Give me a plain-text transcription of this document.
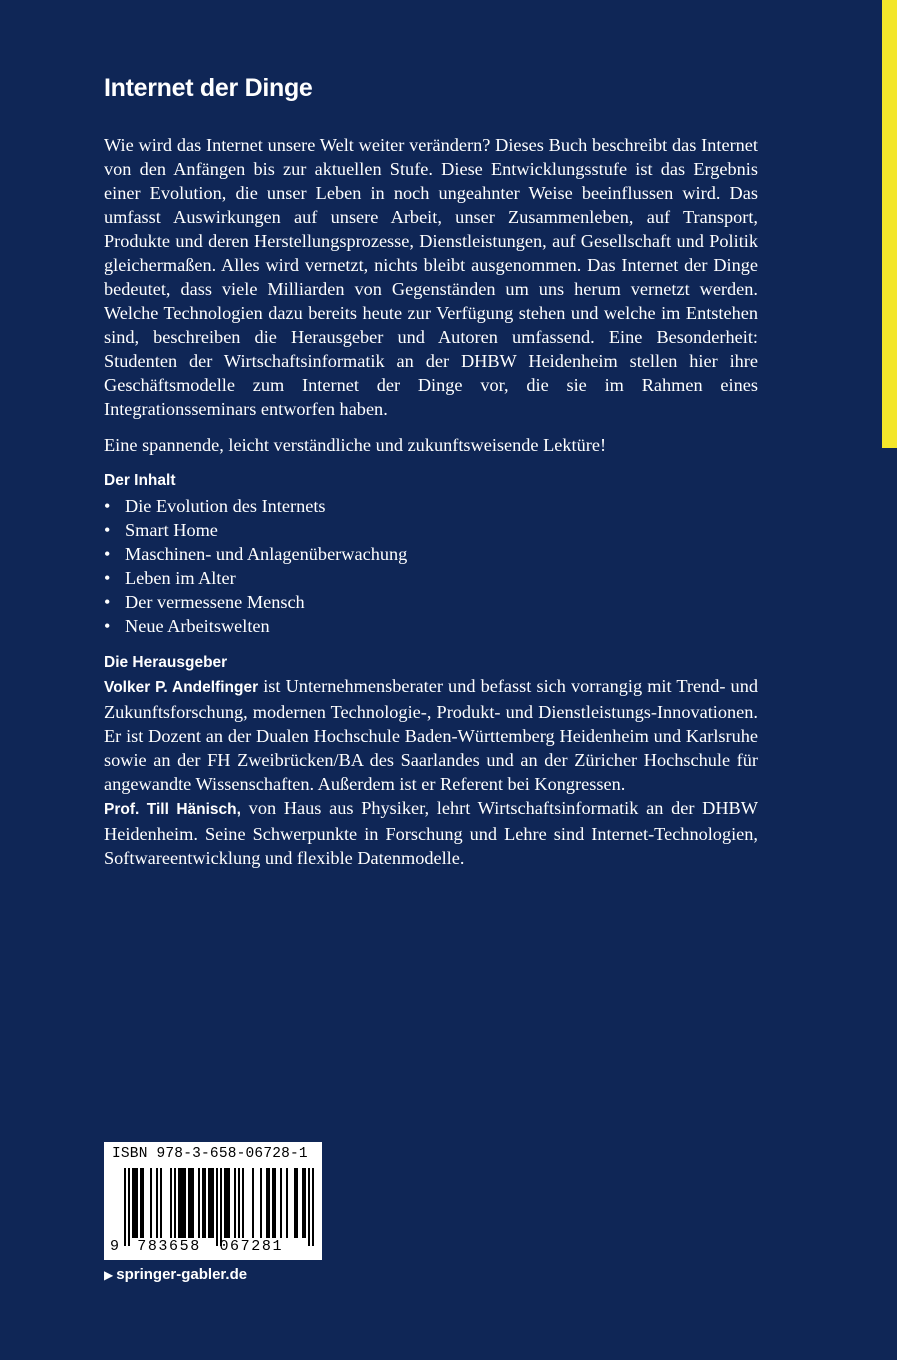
Internet der Dinge

Wie wird das Internet unsere Welt weiter verändern? Dieses Buch beschreibt das Internet von den Anfängen bis zur aktuellen Stufe. Diese Entwicklungsstufe ist das Ergebnis einer Evolution, die unser Leben in noch ungeahnter Weise beeinflussen wird. Das umfasst Auswirkungen auf unsere Arbeit, unser Zusammenleben, auf Transport, Produkte und deren Herstellungsprozesse, Dienstleistungen, auf Gesellschaft und Politik gleichermaßen. Alles wird vernetzt, nichts bleibt ausgenommen. Das Internet der Dinge bedeutet, dass viele Milliarden von Gegenständen um uns herum vernetzt werden. Welche Technologien dazu bereits heute zur Verfügung stehen und welche im Entstehen sind, beschreiben die Herausgeber und Autoren umfassend. Eine Besonderheit: Studenten der Wirtschaftsinformatik an der DHBW Heidenheim stellen hier ihre Geschäftsmodelle zum Internet der Dinge vor, die sie im Rahmen eines Integrationsseminars entworfen haben.

Eine spannende, leicht verständliche und zukunftsweisende Lektüre!

Der Inhalt
• Die Evolution des Internets
• Smart Home
• Maschinen- und Anlagenüberwachung
• Leben im Alter
• Der vermessene Mensch
• Neue Arbeitswelten
Die Herausgeber

Volker P. Andelfinger ist Unternehmensberater und befasst sich vorrangig mit Trend- und Zukunftsforschung, modernen Technologie-, Produkt- und Dienstleistungs-Innovationen. Er ist Dozent an der Dualen Hochschule Baden-Württemberg Heidenheim und Karlsruhe sowie an der FH Zweibrücken/BA des Saarlandes und an der Züricher Hochschule für angewandte Wissenschaften. Außerdem ist er Referent bei Kongressen.

Prof. Till Hänisch, von Haus aus Physiker, lehrt Wirtschaftsinformatik an der DHBW Heidenheim. Seine Schwerpunkte in Forschung und Lehre sind Internet-Technologien, Softwareentwicklung und flexible Datenmodelle.

ISBN 978-3-658-06728-1
9 783658 067281
▶ springer-gabler.de
